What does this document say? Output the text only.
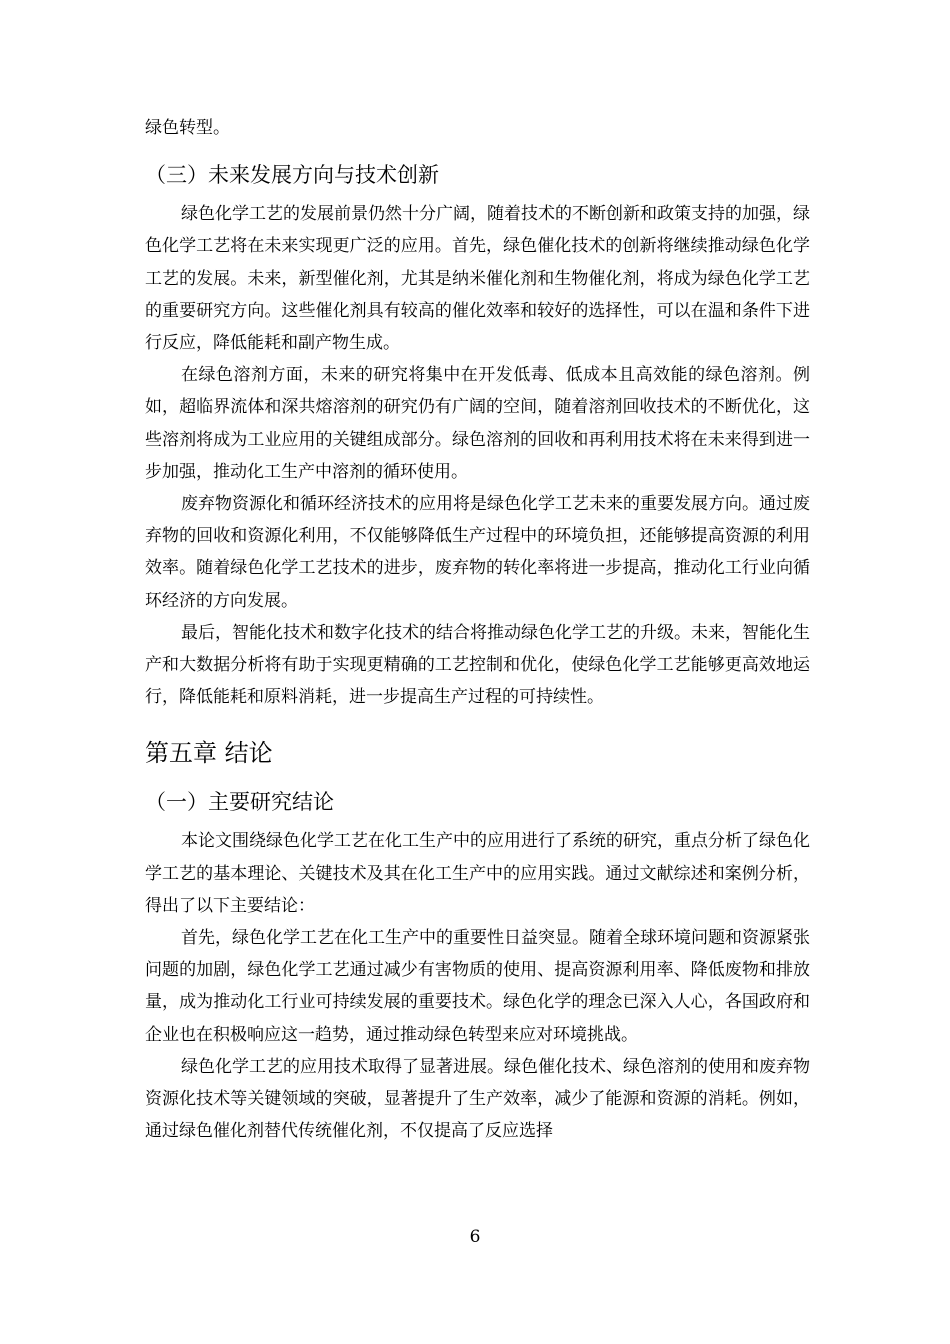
绿色转型。

（三）未来发展方向与技术创新

绿色化学工艺的发展前景仍然十分广阔，随着技术的不断创新和政策支持的加强，绿色化学工艺将在未来实现更广泛的应用。首先，绿色催化技术的创新将继续推动绿色化学工艺的发展。未来，新型催化剂，尤其是纳米催化剂和生物催化剂，将成为绿色化学工艺的重要研究方向。这些催化剂具有较高的催化效率和较好的选择性，可以在温和条件下进行反应，降低能耗和副产物生成。

在绿色溶剂方面，未来的研究将集中在开发低毒、低成本且高效能的绿色溶剂。例如，超临界流体和深共熔溶剂的研究仍有广阔的空间，随着溶剂回收技术的不断优化，这些溶剂将成为工业应用的关键组成部分。绿色溶剂的回收和再利用技术将在未来得到进一步加强，推动化工生产中溶剂的循环使用。

废弃物资源化和循环经济技术的应用将是绿色化学工艺未来的重要发展方向。通过废弃物的回收和资源化利用，不仅能够降低生产过程中的环境负担，还能够提高资源的利用效率。随着绿色化学工艺技术的进步，废弃物的转化率将进一步提高，推动化工行业向循环经济的方向发展。

最后，智能化技术和数字化技术的结合将推动绿色化学工艺的升级。未来，智能化生产和大数据分析将有助于实现更精确的工艺控制和优化，使绿色化学工艺能够更高效地运行，降低能耗和原料消耗，进一步提高生产过程的可持续性。

第五章 结论
（一）主要研究结论

本论文围绕绿色化学工艺在化工生产中的应用进行了系统的研究，重点分析了绿色化学工艺的基本理论、关键技术及其在化工生产中的应用实践。通过文献综述和案例分析，得出了以下主要结论：

首先，绿色化学工艺在化工生产中的重要性日益突显。随着全球环境问题和资源紧张问题的加剧，绿色化学工艺通过减少有害物质的使用、提高资源利用率、降低废物和排放量，成为推动化工行业可持续发展的重要技术。绿色化学的理念已深入人心，各国政府和企业也在积极响应这一趋势，通过推动绿色转型来应对环境挑战。

绿色化学工艺的应用技术取得了显著进展。绿色催化技术、绿色溶剂的使用和废弃物资源化技术等关键领域的突破，显著提升了生产效率，减少了能源和资源的消耗。例如，通过绿色催化剂替代传统催化剂，不仅提高了反应选择

6
